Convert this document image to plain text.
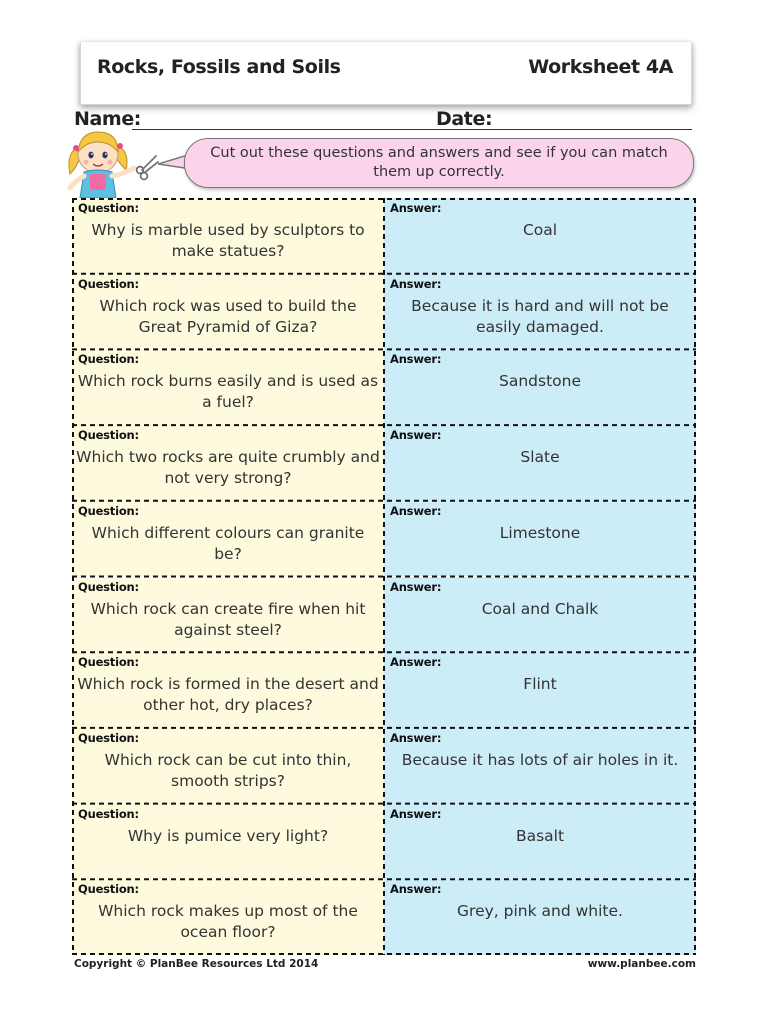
Rocks, Fossils and Soils	Worksheet 4A
Name:	Date:
Cut out these questions and answers and see if you can match them up correctly.
Question:
Why is marble used by sculptors to make statues?
Answer:
Coal
Question:
Which rock was used to build the Great Pyramid of Giza?
Answer:
Because it is hard and will not be easily damaged.
Question:
Which rock burns easily and is used as a fuel?
Answer:
Sandstone
Question:
Which two rocks are quite crumbly and not very strong?
Answer:
Slate
Question:
Which different colours can granite be?
Answer:
Limestone
Question:
Which rock can create fire when hit against steel?
Answer:
Coal and Chalk
Question:
Which rock is formed in the desert and other hot, dry places?
Answer:
Flint
Question:
Which rock can be cut into thin, smooth strips?
Answer:
Because it has lots of air holes in it.
Question:
Why is pumice very light?
Answer:
Basalt
Question:
Which rock makes up most of the ocean floor?
Answer:
Grey, pink and white.
Copyright © PlanBee Resources Ltd 2014	www.planbee.com
